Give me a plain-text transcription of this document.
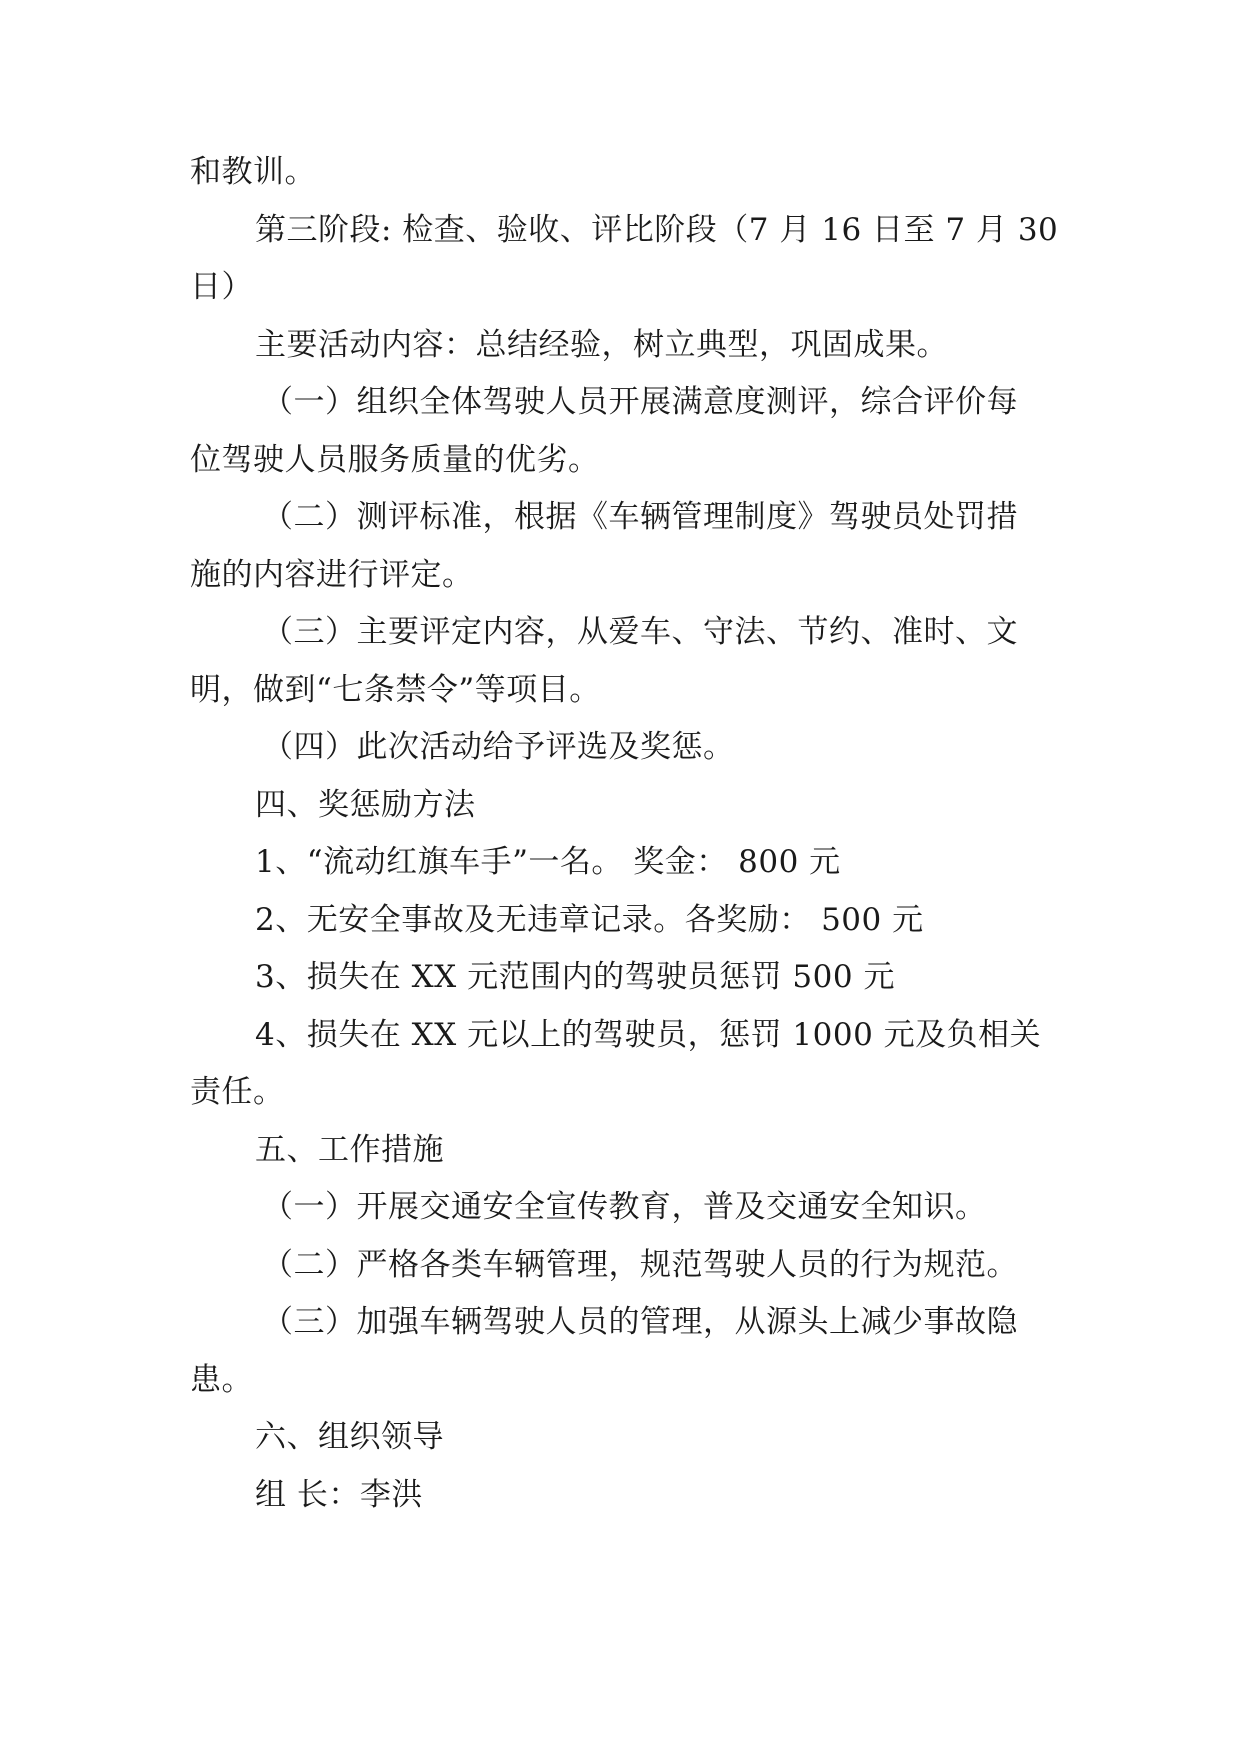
和教训。
第三阶段: 检查、验收、评比阶段（7 月 16 日至 7 月 30
日）
主要活动内容：总结经验，树立典型，巩固成果。
（一）组织全体驾驶人员开展满意度测评，综合评价每
位驾驶人员服务质量的优劣。
（二）测评标准，根据《车辆管理制度》驾驶员处罚措
施的内容进行评定。
（三）主要评定内容，从爱车、守法、节约、准时、文
明，做到“七条禁令”等项目。
（四）此次活动给予评选及奖惩。
四、奖惩励方法
1、“流动红旗车手”一名。 奖金： 800 元
2、无安全事故及无违章记录。各奖励： 500 元
3、损失在 XX 元范围内的驾驶员惩罚 500 元
4、损失在 XX 元以上的驾驶员，惩罚 1000 元及负相关
责任。
五、工作措施
（一）开展交通安全宣传教育，普及交通安全知识。
（二）严格各类车辆管理，规范驾驶人员的行为规范。
（三）加强车辆驾驶人员的管理，从源头上减少事故隐
患。
六、组织领导
组 长：李洪
